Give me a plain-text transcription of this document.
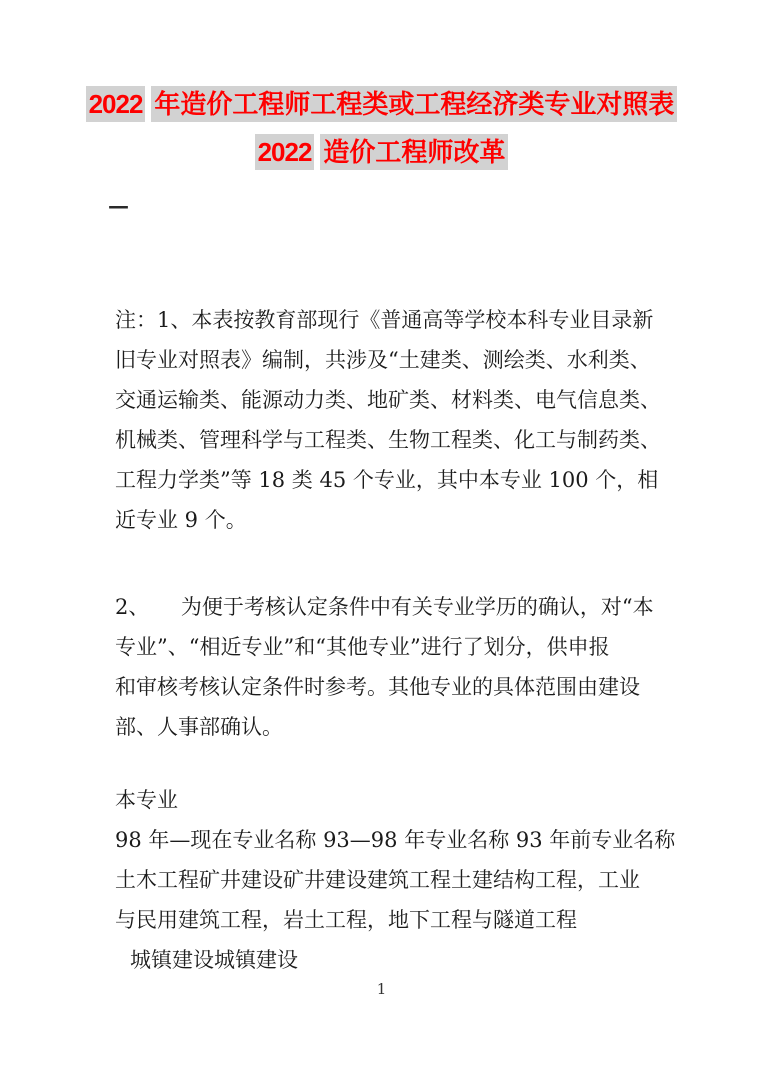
2022 年造价工程师工程类或工程经济类专业对照表
2022 造价工程师改革
—
注：1、本表按教育部现行《普通高等学校本科专业目录新
旧专业对照表》编制，共涉及“土建类、测绘类、水利类、
交通运输类、能源动力类、地矿类、材料类、电气信息类、
机械类、管理科学与工程类、生物工程类、化工与制药类、
工程力学类”等 18 类 45 个专业，其中本专业 100 个，相
近专业 9 个。
2、　　为便于考核认定条件中有关专业学历的确认，对“本
专业”、“相近专业”和“其他专业”进行了划分，供申报
和审核考核认定条件时参考。其他专业的具体范围由建设
部、人事部确认。
本专业
98 年—现在专业名称 93—98 年专业名称 93 年前专业名称
土木工程矿井建设矿井建设建筑工程土建结构工程，工业
与民用建筑工程，岩土工程，地下工程与隧道工程
城镇建设城镇建设
1
